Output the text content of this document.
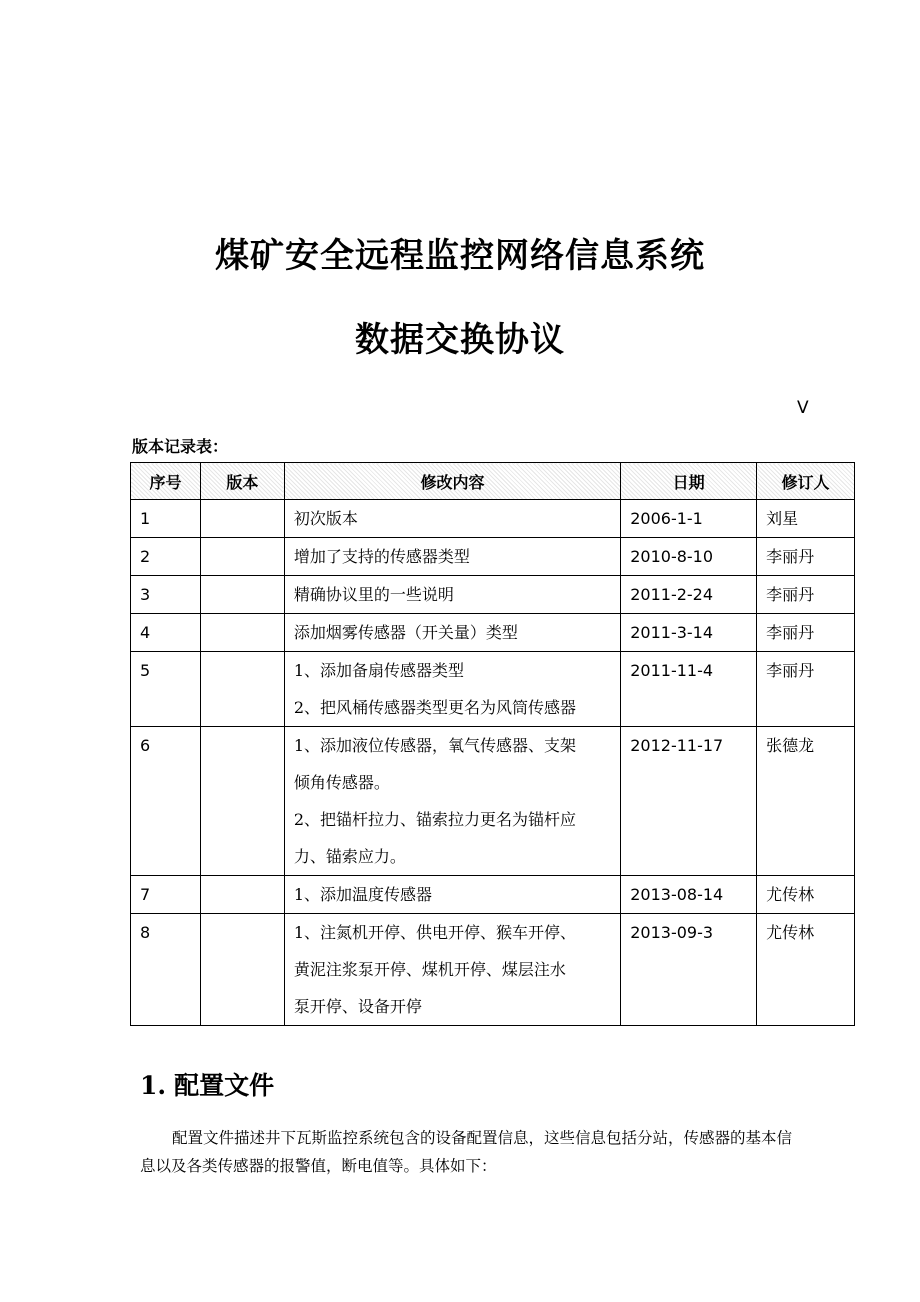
煤矿安全远程监控网络信息系统
数据交换协议
V
版本记录表：
序号	版本	修改内容	日期	修订人
1		初次版本	2006-1-1	刘星
2		增加了支持的传感器类型	2010-8-10	李丽丹
3		精确协议里的一些说明	2011-2-24	李丽丹
4		添加烟雾传感器（开关量）类型	2011-3-14	李丽丹
5		1、添加备扇传感器类型
2、把风桶传感器类型更名为风筒传感器	2011-11-4	李丽丹
6		1、添加液位传感器，氧气传感器、支架
倾角传感器。
2、把锚杆拉力、锚索拉力更名为锚杆应
力、锚索应力。	2012-11-17	张德龙
7		1、添加温度传感器	2013-08-14	尤传林
8		1、注氮机开停、供电开停、猴车开停、
黄泥注浆泵开停、煤机开停、煤层注水
泵开停、设备开停	2013-09-3	尤传林
1. 配置文件
配置文件描述井下瓦斯监控系统包含的设备配置信息，这些信息包括分站，传感器的基本信息以及各类传感器的报警值，断电值等。具体如下：
